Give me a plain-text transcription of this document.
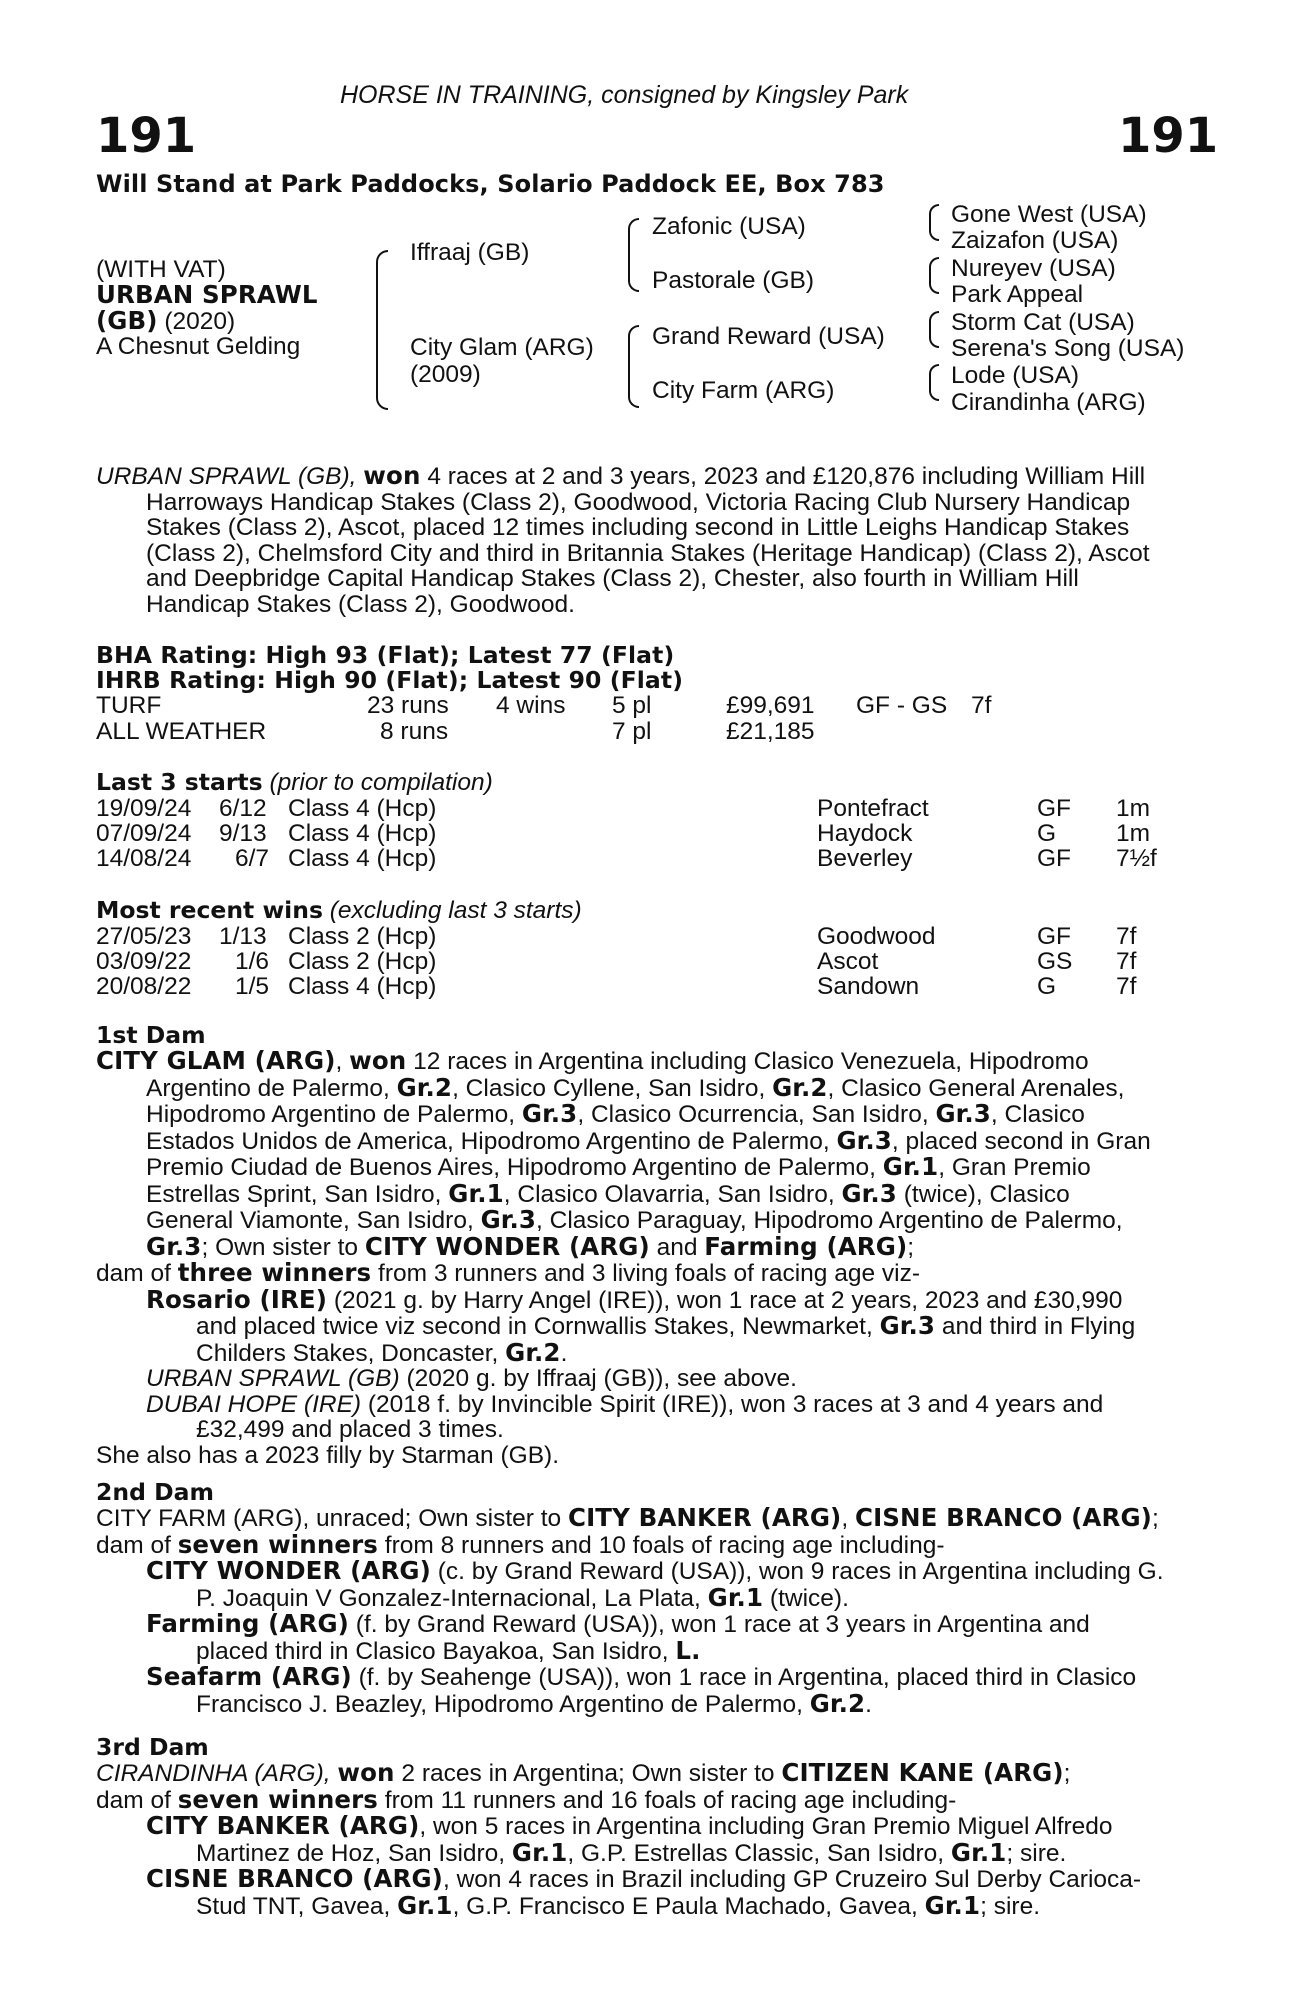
HORSE IN TRAINING, consigned by Kingsley Park
191	191
Will Stand at Park Paddocks, Solario Paddock EE, Box 783
(WITH VAT)
URBAN SPRAWL
(GB) (2020)
A Chesnut Gelding
Iffraaj (GB)
City Glam (ARG)
(2009)
Zafonic (USA)
Pastorale (GB)
Grand Reward (USA)
City Farm (ARG)
Gone West (USA)
Zaizafon (USA)
Nureyev (USA)
Park Appeal
Storm Cat (USA)
Serena's Song (USA)
Lode (USA)
Cirandinha (ARG)
URBAN SPRAWL (GB), won 4 races at 2 and 3 years, 2023 and £120,876 including William Hill
Harroways Handicap Stakes (Class 2), Goodwood, Victoria Racing Club Nursery Handicap
Stakes (Class 2), Ascot, placed 12 times including second in Little Leighs Handicap Stakes
(Class 2), Chelmsford City and third in Britannia Stakes (Heritage Handicap) (Class 2), Ascot
and Deepbridge Capital Handicap Stakes (Class 2), Chester, also fourth in William Hill
Handicap Stakes (Class 2), Goodwood.
BHA Rating: High 93 (Flat); Latest 77 (Flat)
IHRB Rating: High 90 (Flat); Latest 90 (Flat)
TURF	23 runs 4 wins 5 pl	£99,691 GF - GS 7f
ALL WEATHER	8 runs	7 pl	£21,185
Last 3 starts (prior to compilation)
19/09/24 6/12 Class 4 (Hcp)	Pontefract	GF 1m
07/09/24 9/13 Class 4 (Hcp)	Haydock	G 1m
14/08/24 6/7 Class 4 (Hcp)	Beverley	GF 7½f
Most recent wins (excluding last 3 starts)
27/05/23 1/13 Class 2 (Hcp)	Goodwood	GF 7f
03/09/22 1/6 Class 2 (Hcp)	Ascot	GS 7f
20/08/22 1/5 Class 4 (Hcp)	Sandown	G 7f
1st Dam
CITY GLAM (ARG), won 12 races in Argentina including Clasico Venezuela, Hipodromo
Argentino de Palermo, Gr.2, Clasico Cyllene, San Isidro, Gr.2, Clasico General Arenales,
Hipodromo Argentino de Palermo, Gr.3, Clasico Ocurrencia, San Isidro, Gr.3, Clasico
Estados Unidos de America, Hipodromo Argentino de Palermo, Gr.3, placed second in Gran
Premio Ciudad de Buenos Aires, Hipodromo Argentino de Palermo, Gr.1, Gran Premio
Estrellas Sprint, San Isidro, Gr.1, Clasico Olavarria, San Isidro, Gr.3 (twice), Clasico
General Viamonte, San Isidro, Gr.3, Clasico Paraguay, Hipodromo Argentino de Palermo,
Gr.3; Own sister to CITY WONDER (ARG) and Farming (ARG);
dam of three winners from 3 runners and 3 living foals of racing age viz-
Rosario (IRE) (2021 g. by Harry Angel (IRE)), won 1 race at 2 years, 2023 and £30,990
and placed twice viz second in Cornwallis Stakes, Newmarket, Gr.3 and third in Flying
Childers Stakes, Doncaster, Gr.2.
URBAN SPRAWL (GB) (2020 g. by Iffraaj (GB)), see above.
DUBAI HOPE (IRE) (2018 f. by Invincible Spirit (IRE)), won 3 races at 3 and 4 years and
£32,499 and placed 3 times.
She also has a 2023 filly by Starman (GB).
2nd Dam
CITY FARM (ARG), unraced; Own sister to CITY BANKER (ARG), CISNE BRANCO (ARG);
dam of seven winners from 8 runners and 10 foals of racing age including-
CITY WONDER (ARG) (c. by Grand Reward (USA)), won 9 races in Argentina including G.
P. Joaquin V Gonzalez-Internacional, La Plata, Gr.1 (twice).
Farming (ARG) (f. by Grand Reward (USA)), won 1 race at 3 years in Argentina and
placed third in Clasico Bayakoa, San Isidro, L.
Seafarm (ARG) (f. by Seahenge (USA)), won 1 race in Argentina, placed third in Clasico
Francisco J. Beazley, Hipodromo Argentino de Palermo, Gr.2.
3rd Dam
CIRANDINHA (ARG), won 2 races in Argentina; Own sister to CITIZEN KANE (ARG);
dam of seven winners from 11 runners and 16 foals of racing age including-
CITY BANKER (ARG), won 5 races in Argentina including Gran Premio Miguel Alfredo
Martinez de Hoz, San Isidro, Gr.1, G.P. Estrellas Classic, San Isidro, Gr.1; sire.
CISNE BRANCO (ARG), won 4 races in Brazil including GP Cruzeiro Sul Derby Carioca-
Stud TNT, Gavea, Gr.1, G.P. Francisco E Paula Machado, Gavea, Gr.1; sire.
